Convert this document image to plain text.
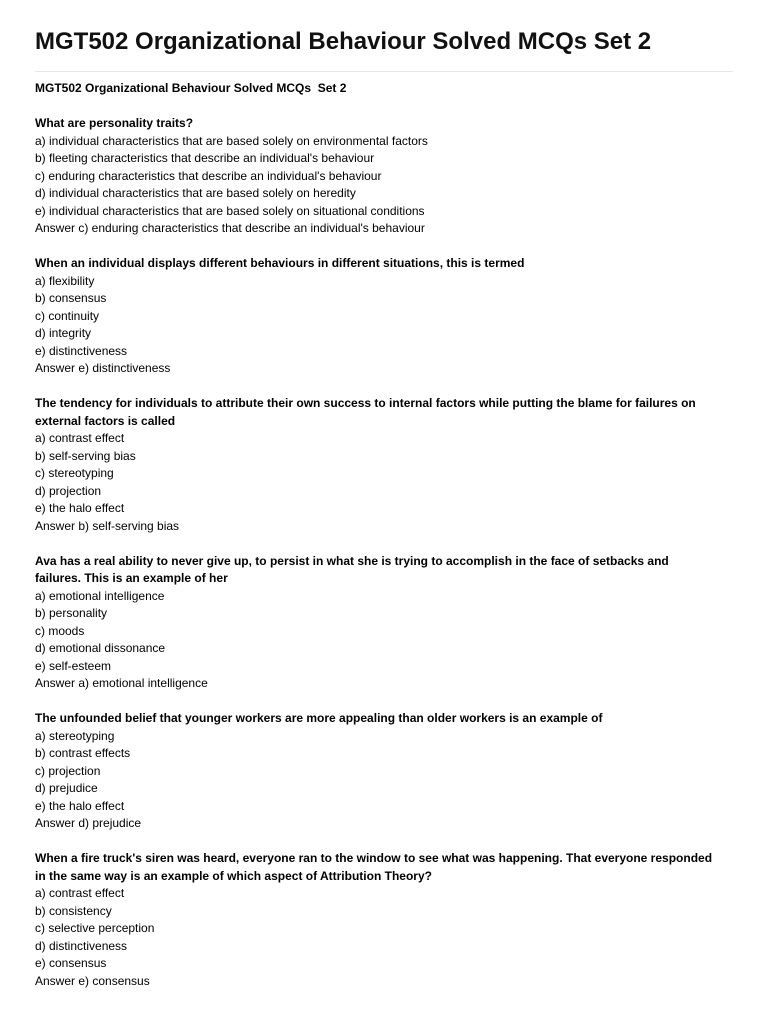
MGT502 Organizational Behaviour Solved MCQs Set 2
MGT502 Organizational Behaviour Solved MCQs  Set 2
What are personality traits?
a) individual characteristics that are based solely on environmental factors
b) fleeting characteristics that describe an individual's behaviour
c) enduring characteristics that describe an individual's behaviour
d) individual characteristics that are based solely on heredity
e) individual characteristics that are based solely on situational conditions
Answer c) enduring characteristics that describe an individual's behaviour
When an individual displays different behaviours in different situations, this is termed
a) flexibility
b) consensus
c) continuity
d) integrity
e) distinctiveness
Answer e) distinctiveness
The tendency for individuals to attribute their own success to internal factors while putting the blame for failures on
external factors is called
a) contrast effect
b) self-serving bias
c) stereotyping
d) projection
e) the halo effect
Answer b) self-serving bias
Ava has a real ability to never give up, to persist in what she is trying to accomplish in the face of setbacks and
failures. This is an example of her
a) emotional intelligence
b) personality
c) moods
d) emotional dissonance
e) self-esteem
Answer a) emotional intelligence
The unfounded belief that younger workers are more appealing than older workers is an example of
a) stereotyping
b) contrast effects
c) projection
d) prejudice
e) the halo effect
Answer d) prejudice
When a fire truck's siren was heard, everyone ran to the window to see what was happening. That everyone responded
in the same way is an example of which aspect of Attribution Theory?
a) contrast effect
b) consistency
c) selective perception
d) distinctiveness
e) consensus
Answer e) consensus
